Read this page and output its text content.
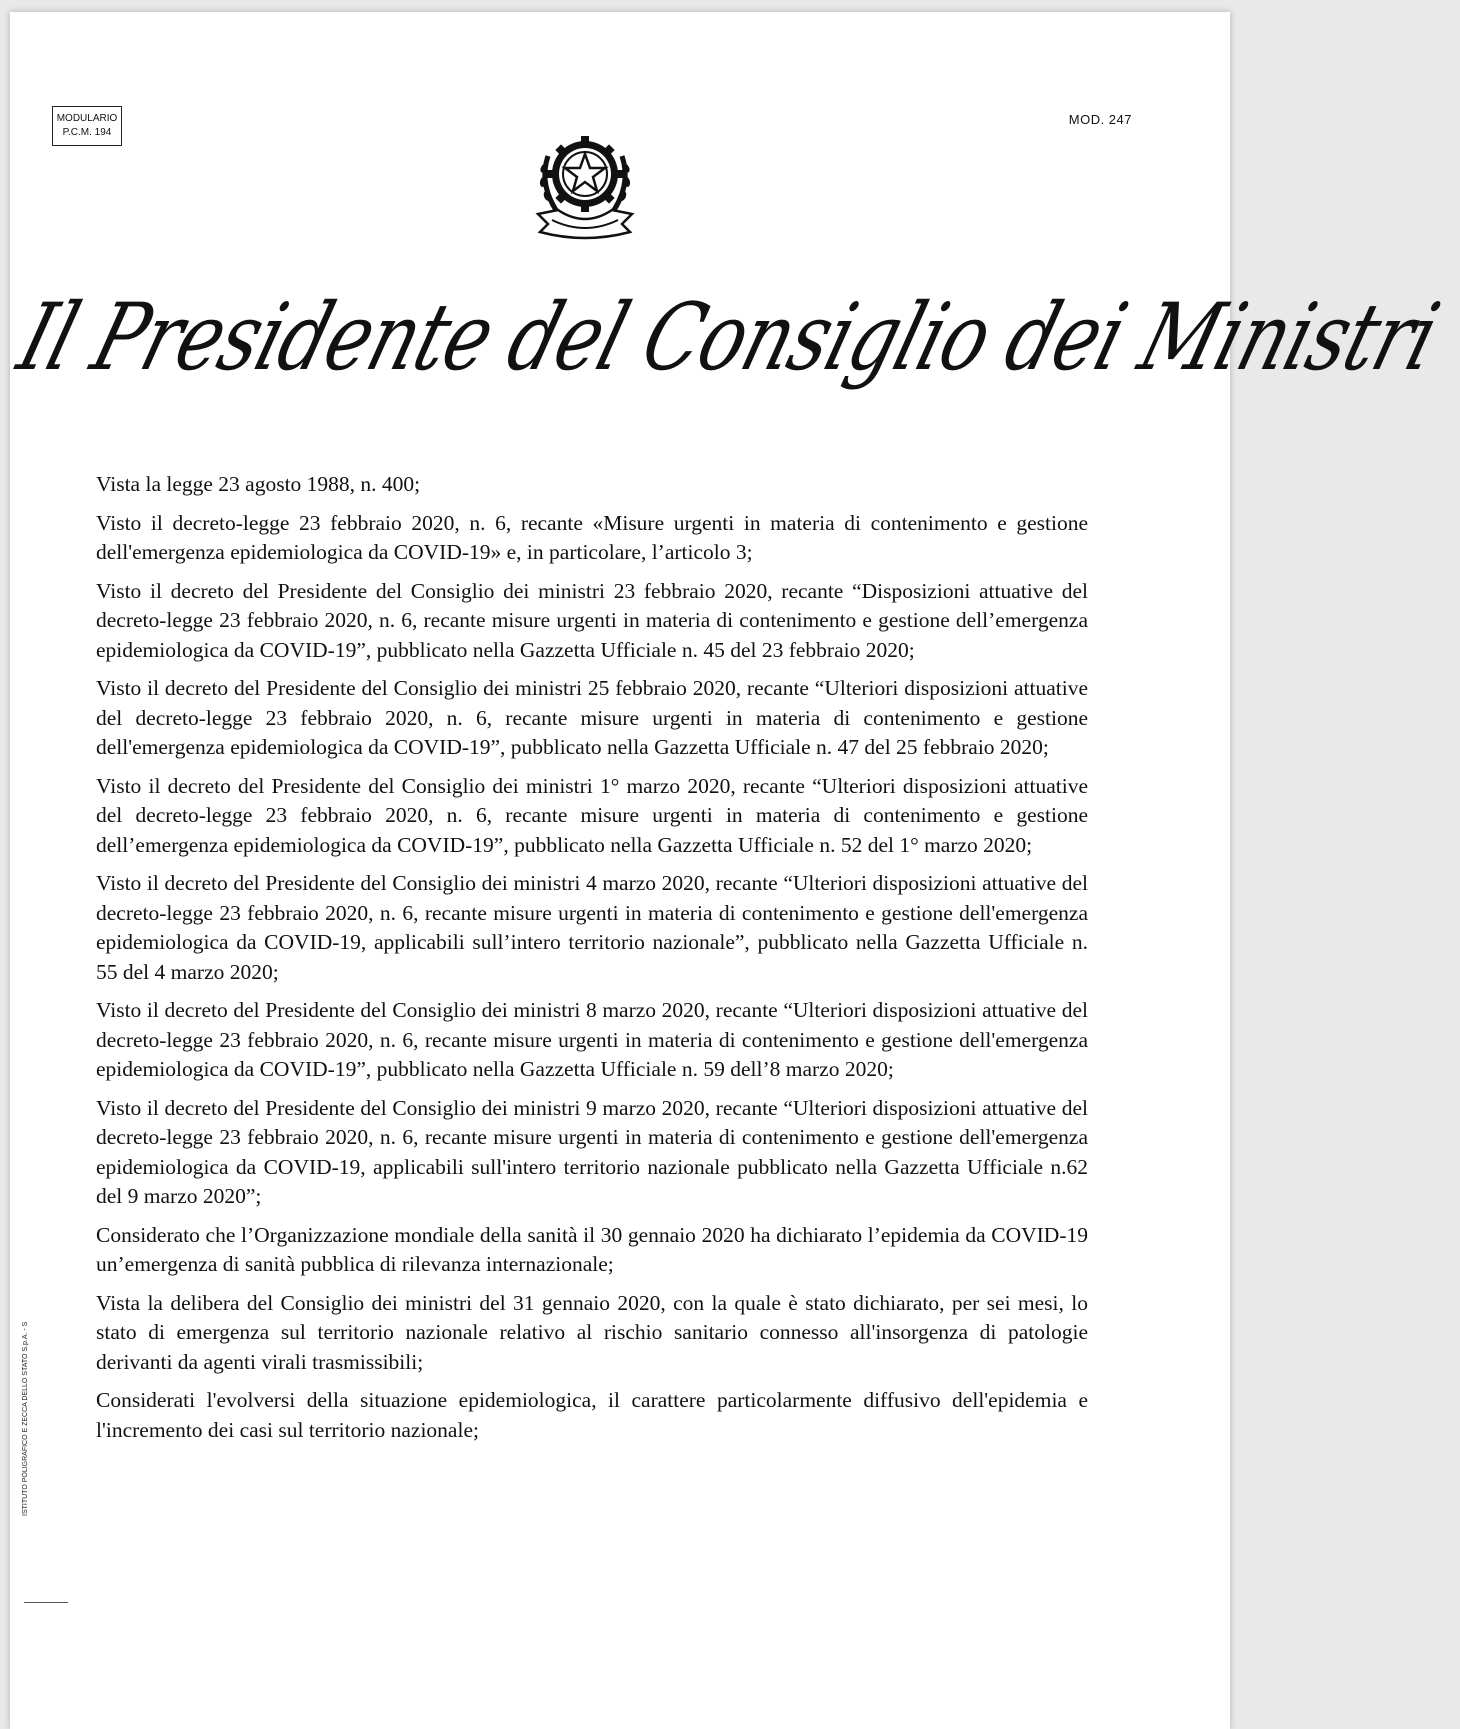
MODULARIO
P.C.M. 194
MOD. 247
Il Presidente del Consiglio dei Ministri

Vista la legge 23 agosto 1988, n. 400;

Visto il decreto-legge 23 febbraio 2020, n. 6, recante «Misure urgenti in materia di contenimento e gestione dell'emergenza epidemiologica da COVID-19» e, in particolare, l’articolo 3;

Visto il decreto del Presidente del Consiglio dei ministri 23 febbraio 2020, recante “Disposizioni attuative del decreto-legge 23 febbraio 2020, n. 6, recante misure urgenti in materia di contenimento e gestione dell’emergenza epidemiologica da COVID-19”, pubblicato nella Gazzetta Ufficiale n. 45 del 23 febbraio 2020;

Visto il decreto del Presidente del Consiglio dei ministri 25 febbraio 2020, recante “Ulteriori disposizioni attuative del decreto-legge 23 febbraio 2020, n. 6, recante misure urgenti in materia di contenimento e gestione dell'emergenza epidemiologica da COVID-19”, pubblicato nella Gazzetta Ufficiale n. 47 del 25 febbraio 2020;

Visto il decreto del Presidente del Consiglio dei ministri 1° marzo 2020, recante “Ulteriori disposizioni attuative del decreto-legge 23 febbraio 2020, n. 6, recante misure urgenti in materia di contenimento e gestione dell’emergenza epidemiologica da COVID-19”, pubblicato nella Gazzetta Ufficiale n. 52 del 1° marzo 2020;

Visto il decreto del Presidente del Consiglio dei ministri 4 marzo 2020, recante “Ulteriori disposizioni attuative del decreto-legge 23 febbraio 2020, n. 6, recante misure urgenti in materia di contenimento e gestione dell'emergenza epidemiologica da COVID-19, applicabili sull’intero territorio nazionale”, pubblicato nella Gazzetta Ufficiale n. 55 del 4 marzo 2020;

Visto il decreto del Presidente del Consiglio dei ministri 8 marzo 2020, recante “Ulteriori disposizioni attuative del decreto-legge 23 febbraio 2020, n. 6, recante misure urgenti in materia di contenimento e gestione dell'emergenza epidemiologica da COVID-19”, pubblicato nella Gazzetta Ufficiale n. 59 dell’8 marzo 2020;

Visto il decreto del Presidente del Consiglio dei ministri 9 marzo 2020, recante “Ulteriori disposizioni attuative del decreto-legge 23 febbraio 2020, n. 6, recante misure urgenti in materia di contenimento e gestione dell'emergenza epidemiologica da COVID-19, applicabili sull'intero territorio nazionale pubblicato nella Gazzetta Ufficiale n.62 del 9 marzo 2020”;

Considerato che l’Organizzazione mondiale della sanità il 30 gennaio 2020 ha dichiarato l’epidemia da COVID-19 un’emergenza di sanità pubblica di rilevanza internazionale;

Vista la delibera del Consiglio dei ministri del 31 gennaio 2020, con la quale è stato dichiarato, per sei mesi, lo stato di emergenza sul territorio nazionale relativo al rischio sanitario connesso all'insorgenza di patologie derivanti da agenti virali trasmissibili;

Considerati l'evolversi della situazione epidemiologica, il carattere particolarmente diffusivo dell'epidemia e l'incremento dei casi sul territorio nazionale;

ISTITUTO POLIGRAFICO E ZECCA DELLO STATO S.p.A. - S
